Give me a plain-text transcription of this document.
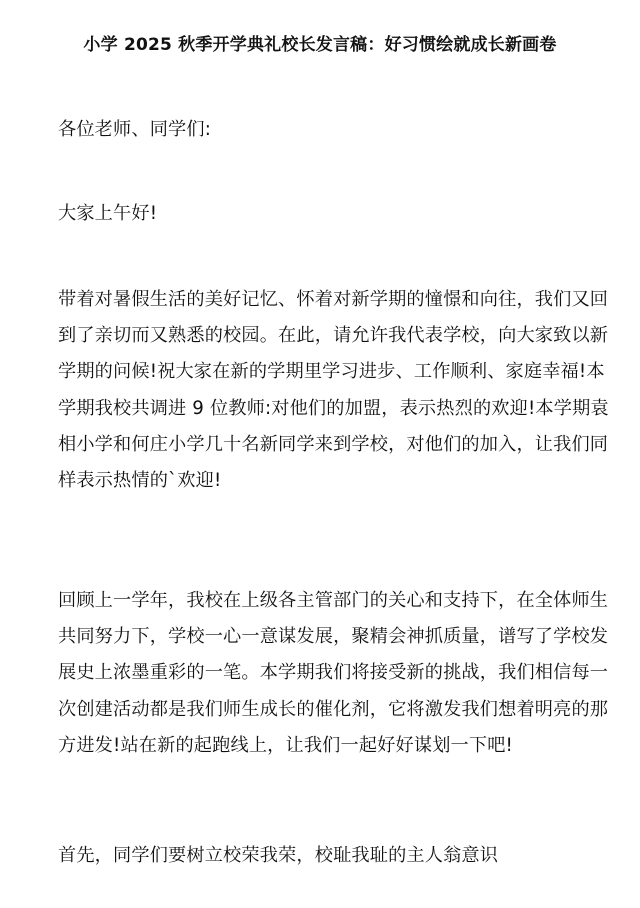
小学 2025 秋季开学典礼校长发言稿：好习惯绘就成长新画卷
各位老师、同学们:
大家上午好!
带着对暑假生活的美好记忆、怀着对新学期的憧憬和向往，我们又回
到了亲切而又熟悉的校园。在此，请允许我代表学校，向大家致以新
学期的问候!祝大家在新的学期里学习进步、工作顺利、家庭幸福!本
学期我校共调进 9 位教师:对他们的加盟，表示热烈的欢迎!本学期袁
相小学和何庄小学几十名新同学来到学校，对他们的加入，让我们同
样表示热情的`欢迎!
回顾上一学年，我校在上级各主管部门的关心和支持下，在全体师生
共同努力下，学校一心一意谋发展，聚精会神抓质量，谱写了学校发
展史上浓墨重彩的一笔。本学期我们将接受新的挑战，我们相信每一
次创建活动都是我们师生成长的催化剂，它将激发我们想着明亮的那
方进发!站在新的起跑线上，让我们一起好好谋划一下吧!
首先，同学们要树立校荣我荣，校耻我耻的主人翁意识
